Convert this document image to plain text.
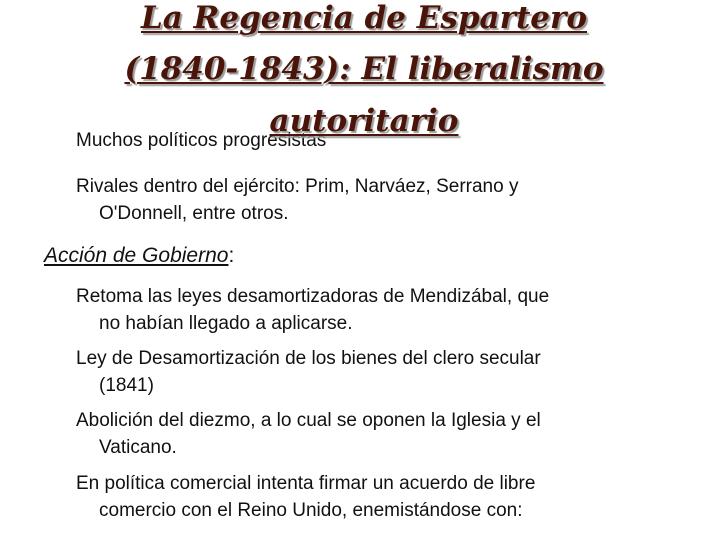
La Regencia de Espartero
(1840-1843): El liberalismo
autoritario
Muchos políticos progresistas
Rivales dentro del ejército: Prim, Narváez, Serrano y
O'Donnell, entre otros.
Acción de Gobierno:
Retoma las leyes desamortizadoras de Mendizábal, que
no habían llegado a aplicarse.
Ley de Desamortización de los bienes del clero secular
(1841)
Abolición del diezmo, a lo cual se oponen la Iglesia y el
Vaticano.
En política comercial intenta firmar un acuerdo de libre
comercio con el Reino Unido, enemistándose con:
